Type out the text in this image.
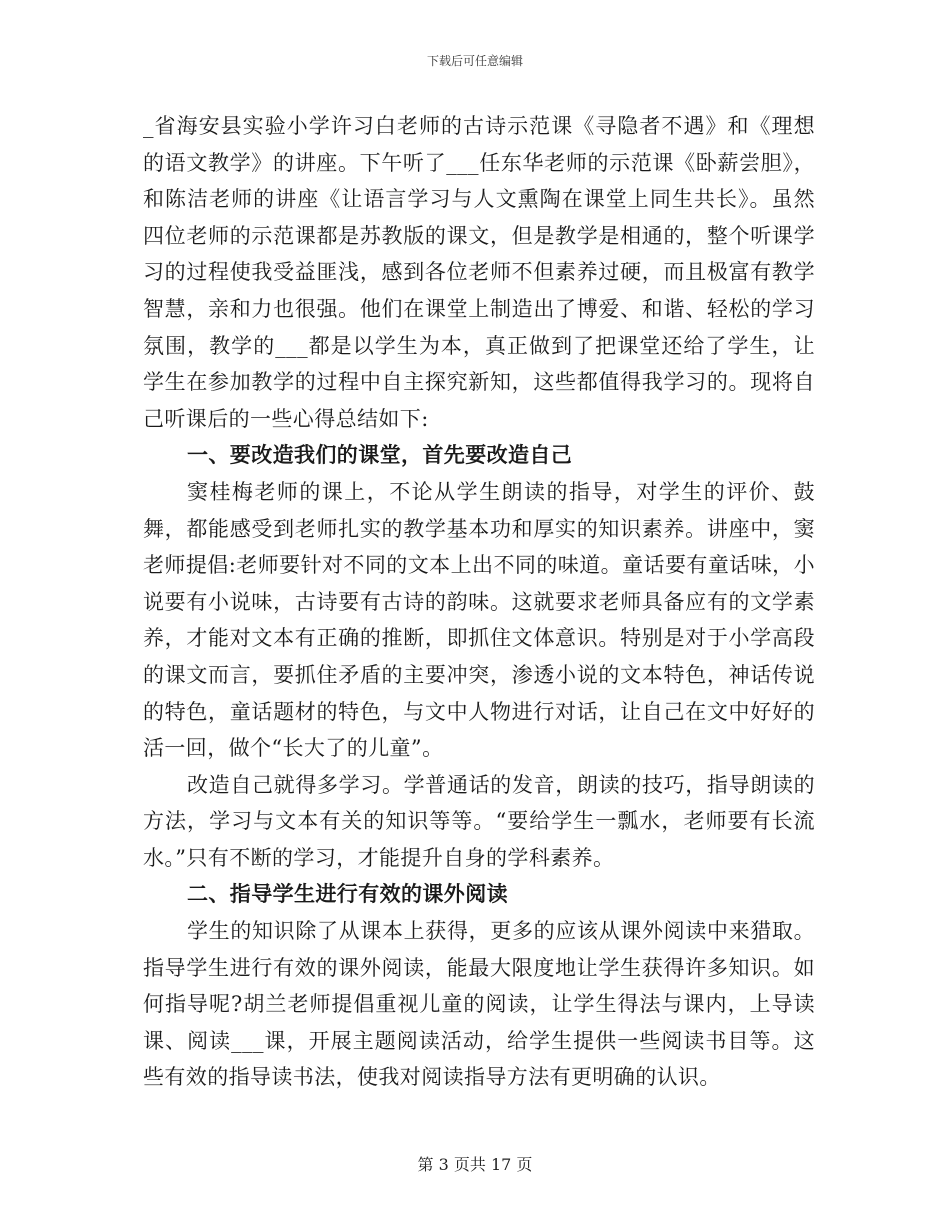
下载后可任意编辑

_省海安县实验小学许习白老师的古诗示范课《寻隐者不遇》和《理想的语文教学》的讲座。下午听了___任东华老师的示范课《卧薪尝胆》，和陈洁老师的讲座《让语言学习与人文熏陶在课堂上同生共长》。虽然四位老师的示范课都是苏教版的课文，但是教学是相通的，整个听课学习的过程使我受益匪浅，感到各位老师不但素养过硬，而且极富有教学智慧，亲和力也很强。他们在课堂上制造出了博爱、和谐、轻松的学习氛围，教学的___都是以学生为本，真正做到了把课堂还给了学生，让学生在参加教学的过程中自主探究新知，这些都值得我学习的。现将自己听课后的一些心得总结如下:

一、要改造我们的课堂，首先要改造自己

窦桂梅老师的课上，不论从学生朗读的指导，对学生的评价、鼓舞，都能感受到老师扎实的教学基本功和厚实的知识素养。讲座中，窦老师提倡:老师要针对不同的文本上出不同的味道。童话要有童话味，小说要有小说味，古诗要有古诗的韵味。这就要求老师具备应有的文学素养，才能对文本有正确的推断，即抓住文体意识。特别是对于小学高段的课文而言，要抓住矛盾的主要冲突，渗透小说的文本特色，神话传说的特色，童话题材的特色，与文中人物进行对话，让自己在文中好好的活一回，做个“长大了的儿童”。

改造自己就得多学习。学普通话的发音，朗读的技巧，指导朗读的方法，学习与文本有关的知识等等。“要给学生一瓢水，老师要有长流水。”只有不断的学习，才能提升自身的学科素养。

二、指导学生进行有效的课外阅读

学生的知识除了从课本上获得，更多的应该从课外阅读中来猎取。指导学生进行有效的课外阅读，能最大限度地让学生获得许多知识。如何指导呢?胡兰老师提倡重视儿童的阅读，让学生得法与课内，上导读课、阅读___课，开展主题阅读活动，给学生提供一些阅读书目等。这些有效的指导读书法，使我对阅读指导方法有更明确的认识。

第 3 页共 17 页
